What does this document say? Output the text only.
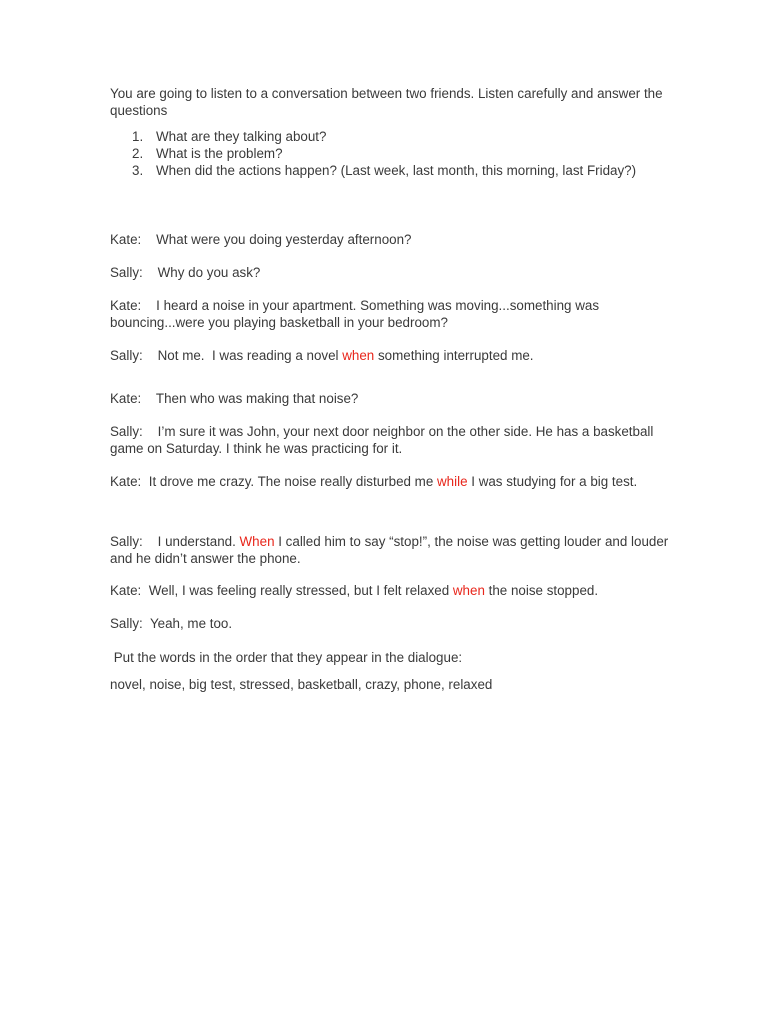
You are going to listen to a conversation between two friends. Listen carefully and answer the questions

1. What are they talking about?
2. What is the problem?
3. When did the actions happen? (Last week, last month, this morning, last Friday?)

Kate: What were you doing yesterday afternoon?

Sally: Why do you ask?

Kate: I heard a noise in your apartment. Something was moving...something was bouncing...were you playing basketball in your bedroom?

Sally: Not me.  I was reading a novel when something interrupted me.

Kate: Then who was making that noise?

Sally: I’m sure it was John, your next door neighbor on the other side. He has a basketball game on Saturday. I think he was practicing for it.

Kate: It drove me crazy. The noise really disturbed me while I was studying for a big test.

Sally: I understand. When I called him to say “stop!”, the noise was getting louder and louder and he didn’t answer the phone.

Kate: Well, I was feeling really stressed, but I felt relaxed when the noise stopped.

Sally: Yeah, me too.

Put the words in the order that they appear in the dialogue:

novel, noise, big test, stressed, basketball, crazy, phone, relaxed
